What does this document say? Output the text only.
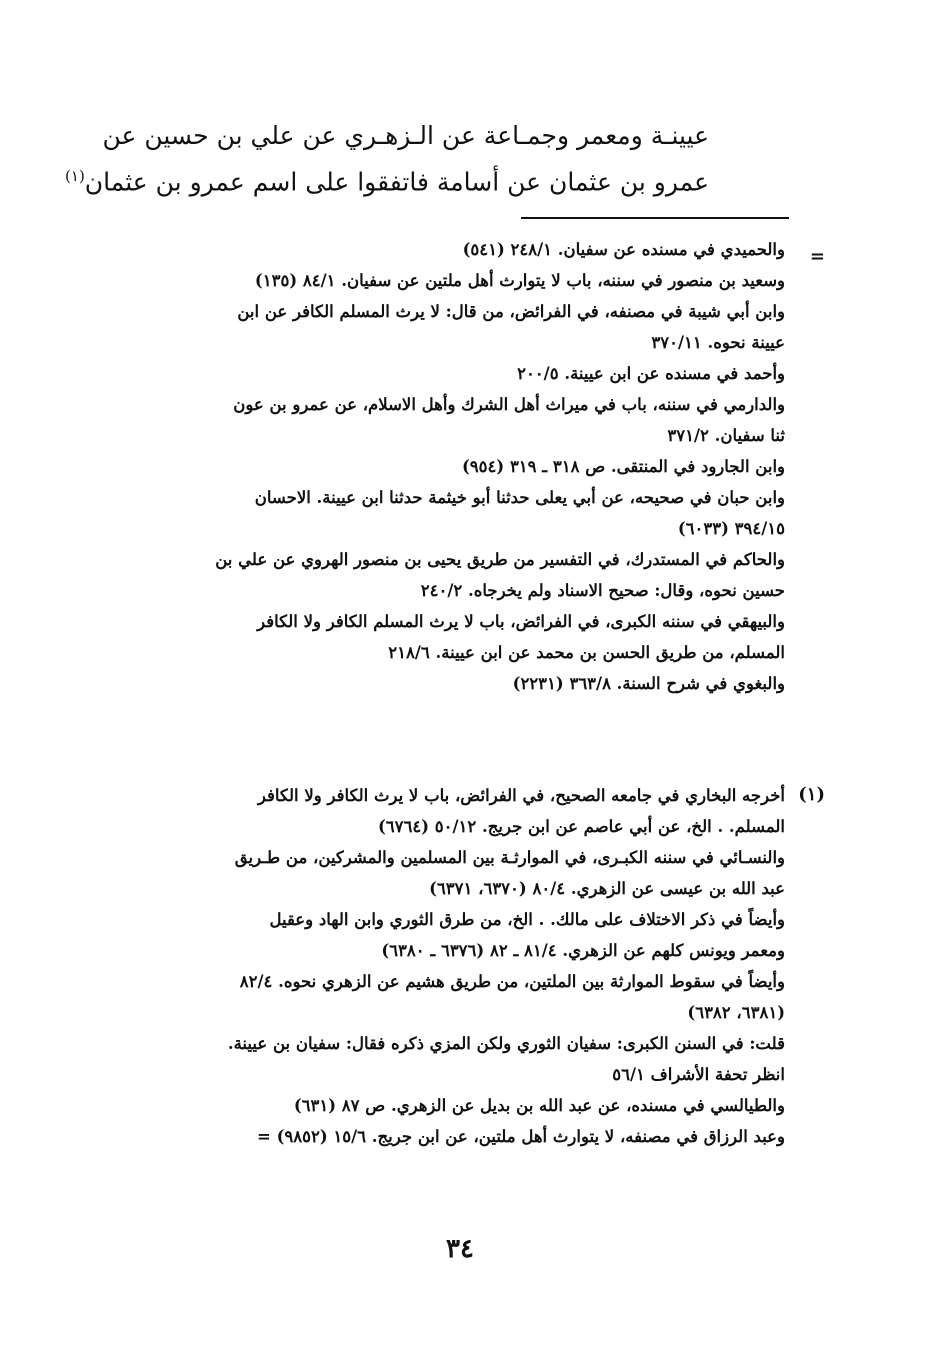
عيينـة ومعمر وجمـاعة عن الـزهـري عن علي بن حسين عن
عمرو بن عثمان عن أسامة فاتفقوا على اسم عمرو بن عثمان$^{(١)}$
=
والحميدي في مسنده عن سفيان. ٢٤٨/١ (٥٤١)
وسعيد بن منصور في سننه، باب لا يتوارث أهل ملتين عن سفيان. ٨٤/١ (١٣٥)
وابن أبي شيبة في مصنفه، في الفرائض، من قال: لا يرث المسلم الكافر عن ابن
عيينة نحوه. ٣٧٠/١١
وأحمد في مسنده عن ابن عيينة. ٢٠٠/٥
والدارمي في سننه، باب في ميراث أهل الشرك وأهل الاسلام، عن عمرو بن عون
ثنا سفيان. ٣٧١/٢
وابن الجارود في المنتقى. ص ٣١٨ ـ ٣١٩ (٩٥٤)
وابن حبان في صحيحه، عن أبي يعلى حدثنا أبو خيثمة حدثنا ابن عيينة. الاحسان
٣٩٤/١٥ (٦٠٣٣)
والحاكم في المستدرك، في التفسير من طريق يحيى بن منصور الهروي عن علي بن
حسين نحوه، وقال: صحيح الاسناد ولم يخرجاه. ٢٤٠/٢
والبيهقي في سننه الكبرى، في الفرائض، باب لا يرث المسلم الكافر ولا الكافر
المسلم، من طريق الحسن بن محمد عن ابن عيينة. ٢١٨/٦
والبغوي في شرح السنة. ٣٦٣/٨ (٢٢٣١)
(١)
أخرجه البخاري في جامعه الصحيح، في الفرائض، باب لا يرث الكافر ولا الكافر
المسلم. . الخ، عن أبي عاصم عن ابن جريج. ٥٠/١٢ (٦٧٦٤)
والنسـائي في سننه الكبـرى، في الموارثـة بين المسلمين والمشركين، من طـريق
عبد الله بن عيسى عن الزهري. ٨٠/٤ (٦٣٧٠، ٦٣٧١)
وأيضاً في ذكر الاختلاف على مالك. . الخ، من طرق الثوري وابن الهاد وعقيل
ومعمر ويونس كلهم عن الزهري. ٨١/٤ ـ ٨٢ (٦٣٧٦ ـ ٦٣٨٠)
وأيضاً في سقوط الموارثة بين الملتين، من طريق هشيم عن الزهري نحوه. ٨٢/٤
(٦٣٨١، ٦٣٨٢)
قلت: في السنن الكبرى: سفيان الثوري ولكن المزي ذكره فقال: سفيان بن عيينة.
انظر تحفة الأشراف ٥٦/١
والطيالسي في مسنده، عن عبد الله بن بديل عن الزهري. ص ٨٧ (٦٣١)
وعبد الرزاق في مصنفه، لا يتوارث أهل ملتين، عن ابن جريج. ١٥/٦ (٩٨٥٢) =
٣٤
